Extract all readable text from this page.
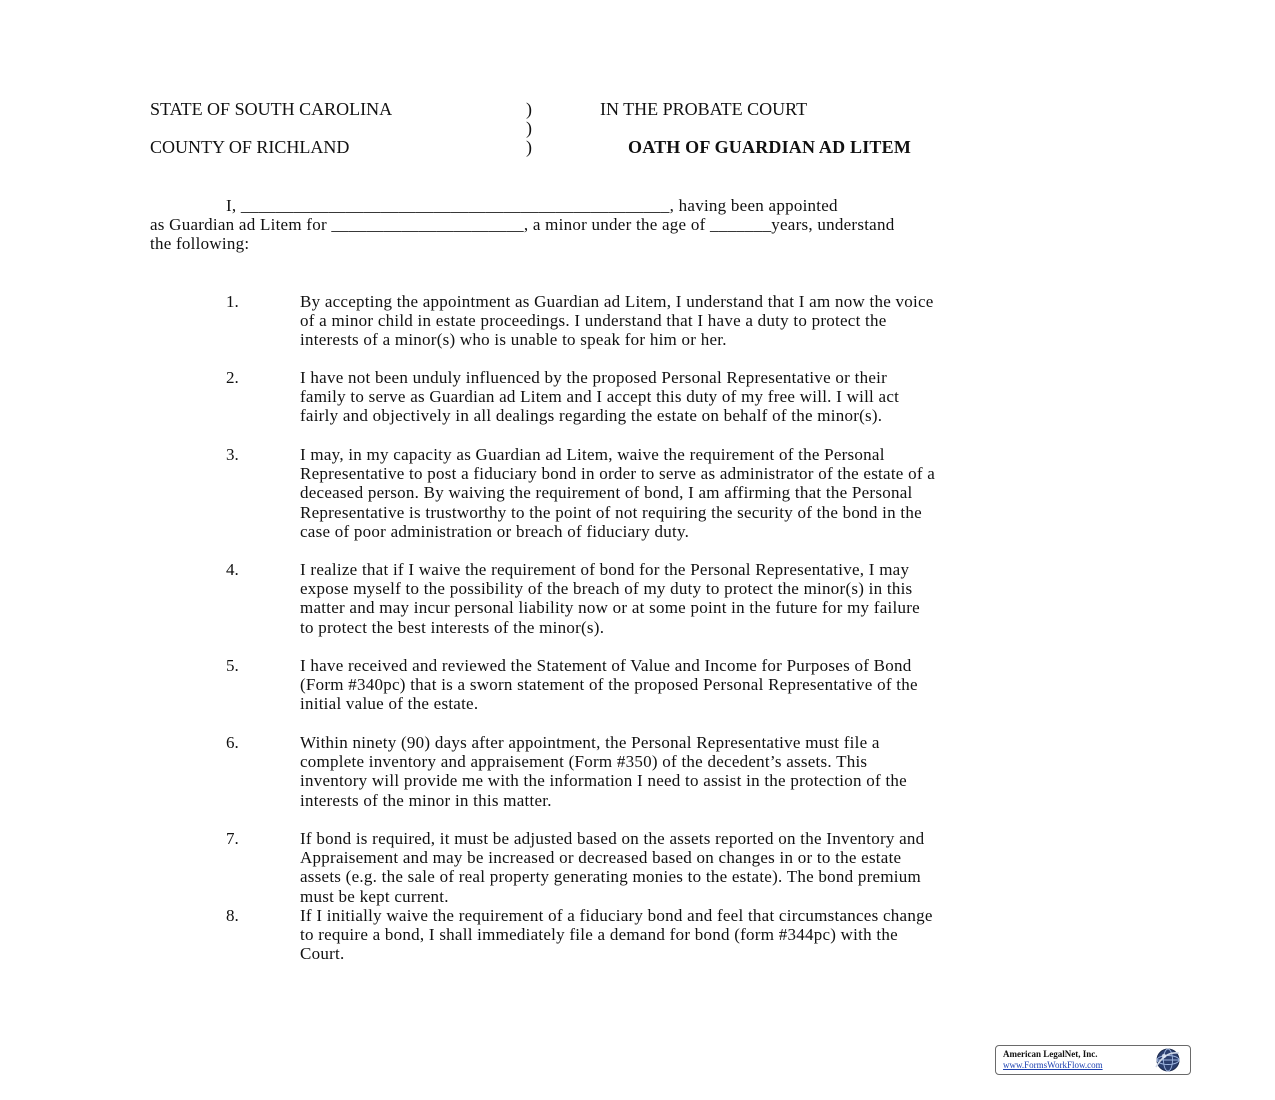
STATE OF SOUTH CAROLINA	)	IN THE PROBATE COURT
)
COUNTY OF RICHLAND	)	OATH OF GUARDIAN AD LITEM
I, _________________________________________________, having been appointed
as Guardian ad Litem for ______________________, a minor under the age of _______years, understand
the following:
1.	By accepting the appointment as Guardian ad Litem, I understand that I am now the voice
of a minor child in estate proceedings. I understand that I have a duty to protect the
interests of a minor(s) who is unable to speak for him or her.
2.	I have not been unduly influenced by the proposed Personal Representative or their
family to serve as Guardian ad Litem and I accept this duty of my free will. I will act
fairly and objectively in all dealings regarding the estate on behalf of the minor(s).
3.	I may, in my capacity as Guardian ad Litem, waive the requirement of the Personal
Representative to post a fiduciary bond in order to serve as administrator of the estate of a
deceased person. By waiving the requirement of bond, I am affirming that the Personal
Representative is trustworthy to the point of not requiring the security of the bond in the
case of poor administration or breach of fiduciary duty.
4.	I realize that if I waive the requirement of bond for the Personal Representative, I may
expose myself to the possibility of the breach of my duty to protect the minor(s) in this
matter and may incur personal liability now or at some point in the future for my failure
to protect the best interests of the minor(s).
5.	I have received and reviewed the Statement of Value and Income for Purposes of Bond
(Form #340pc) that is a sworn statement of the proposed Personal Representative of the
initial value of the estate.
6.	Within ninety (90) days after appointment, the Personal Representative must file a
complete inventory and appraisement (Form #350) of the decedent’s assets. This
inventory will provide me with the information I need to assist in the protection of the
interests of the minor in this matter.
7.	If bond is required, it must be adjusted based on the assets reported on the Inventory and
Appraisement and may be increased or decreased based on changes in or to the estate
assets (e.g. the sale of real property generating monies to the estate). The bond premium
must be kept current.
8.	If I initially waive the requirement of a fiduciary bond and feel that circumstances change
to require a bond, I shall immediately file a demand for bond (form #344pc) with the
Court.
American LegalNet, Inc.
www.FormsWorkFlow.com
